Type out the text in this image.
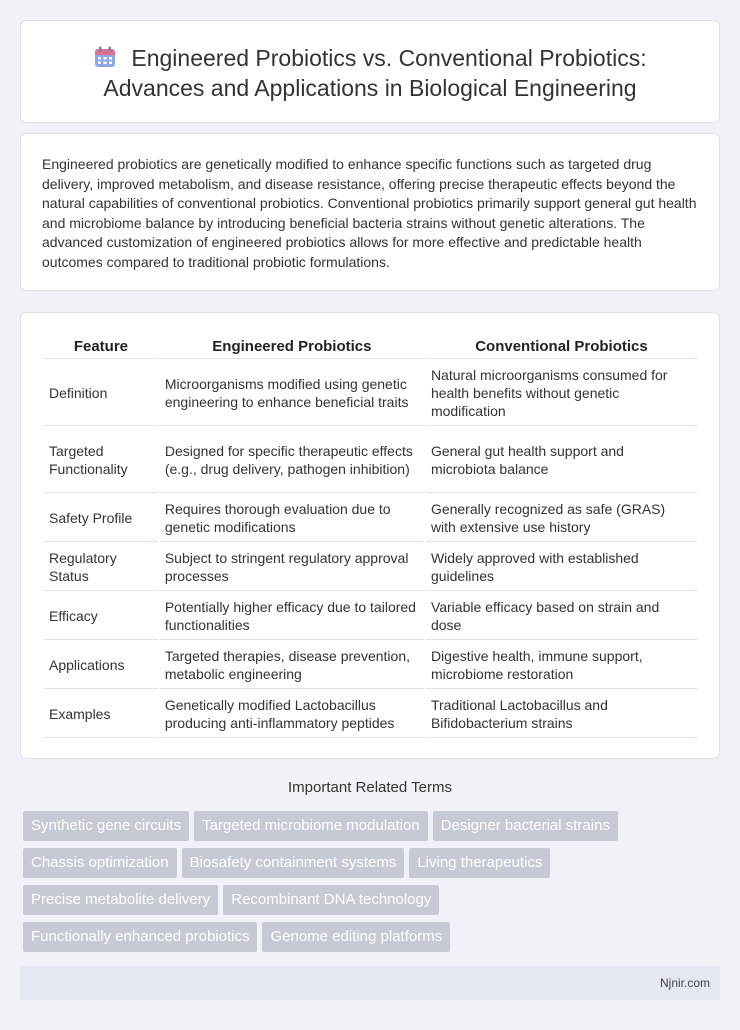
Engineered Probiotics vs. Conventional Probiotics:
Advances and Applications in Biological Engineering

Engineered probiotics are genetically modified to enhance specific functions such as targeted drug delivery, improved metabolism, and disease resistance, offering precise therapeutic effects beyond the natural capabilities of conventional probiotics. Conventional probiotics primarily support general gut health and microbiome balance by introducing beneficial bacteria strains without genetic alterations. The advanced customization of engineered probiotics allows for more effective and predictable health outcomes compared to traditional probiotic formulations.

Feature	Engineered Probiotics	Conventional Probiotics
Definition	Microorganisms modified using genetic engineering to enhance beneficial traits	Natural microorganisms consumed for health benefits without genetic modification
Targeted Functionality	Designed for specific therapeutic effects (e.g., drug delivery, pathogen inhibition)	General gut health support and microbiota balance
Safety Profile	Requires thorough evaluation due to genetic modifications	Generally recognized as safe (GRAS) with extensive use history
Regulatory Status	Subject to stringent regulatory approval processes	Widely approved with established guidelines
Efficacy	Potentially higher efficacy due to tailored functionalities	Variable efficacy based on strain and dose
Applications	Targeted therapies, disease prevention, metabolic engineering	Digestive health, immune support, microbiome restoration
Examples	Genetically modified Lactobacillus producing anti-inflammatory peptides	Traditional Lactobacillus and Bifidobacterium strains
Important Related Terms
Synthetic gene circuits Targeted microbiome modulation Designer bacterial strains
Chassis optimization Biosafety containment systems Living therapeutics
Precise metabolite delivery Recombinant DNA technology
Functionally enhanced probiotics Genome editing platforms
Njnir.com
